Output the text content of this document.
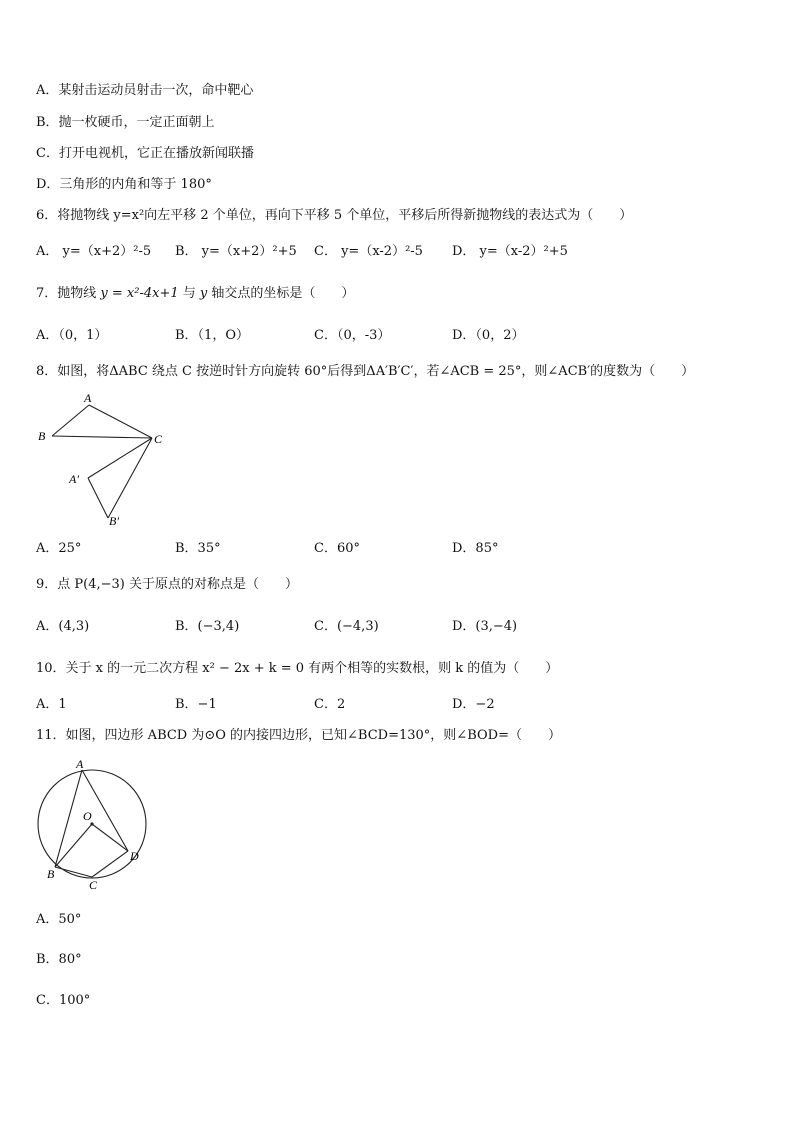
A．某射击运动员射击一次，命中靶心
B．抛一枚硬币，一定正面朝上
C．打开电视机，它正在播放新闻联播
D．三角形的内角和等于 180°
6．将抛物线 y=x²向左平移 2 个单位，再向下平移 5 个单位，平移后所得新抛物线的表达式为（　　）
A． y=（x+2）²-5 B． y=（x+2）²+5 C． y=（x-2）²-5 D． y=（x-2）²+5
7．抛物线 y = x²-4x+1 与 y 轴交点的坐标是（　　）
A．（0，1）	B．（1，O）	C．（0，-3）	D．（0，2）
8．如图，将ΔABC 绕点 C 按逆时针方向旋转 60°后得到ΔA′B′C′，若∠ACB = 25°，则∠ACB′的度数为（　　）
A
B	C
A′
B′
A．25°	B．35°	C．60°	D．85°
9．点 P(4,−3) 关于原点的对称点是（　　）
A．(4,3)	B．(−3,4)	C．(−4,3)	D．(3,−4)
10．关于 x 的一元二次方程 x² − 2x + k = 0 有两个相等的实数根，则 k 的值为（　　）
A．1	B．−1	C．2	D．−2
11．如图，四边形 ABCD 为⊙O 的内接四边形，已知∠BCD=130°，则∠BOD=（　　）
A
O
B
C
D
A．50°
B．80°
C．100°
